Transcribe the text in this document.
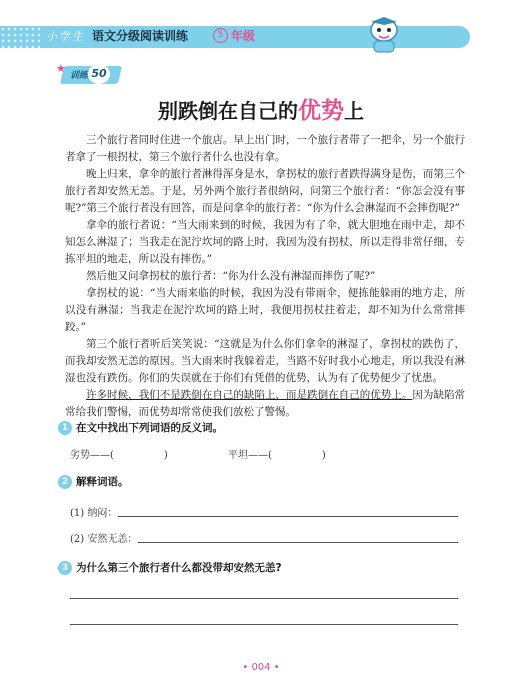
小学生 语文分级阅读训练	5 年级
★
训练 50
别跌倒在自己的优势上

三个旅行者同时住进一个旅店。早上出门时，一个旅行者带了一把伞，另一个旅行者拿了一根拐杖，第三个旅行者什么也没有拿。

晚上归来，拿伞的旅行者淋得浑身是水，拿拐杖的旅行者跌得满身是伤，而第三个旅行者却安然无恙。于是，另外两个旅行者很纳闷，问第三个旅行者：“你怎会没有事呢?”第三个旅行者没有回答，而是问拿伞的旅行者：“你为什么会淋湿而不会摔伤呢?”

拿伞的旅行者说：“当大雨来到的时候，我因为有了伞，就大胆地在雨中走，却不知怎么淋湿了；当我走在泥泞坎坷的路上时，我因为没有拐杖，所以走得非常仔细，专拣平坦的地走，所以没有摔伤。”

然后他又问拿拐杖的旅行者：“你为什么没有淋湿而摔伤了呢?”

拿拐杖的说：“当大雨来临的时候，我因为没有带雨伞，便拣能躲雨的地方走，所以没有淋湿；当我走在泥泞坎坷的路上时，我便用拐杖拄着走，却不知为什么常常摔跤。”

第三个旅行者听后笑笑说：“这就是为什么你们拿伞的淋湿了，拿拐杖的跌伤了，而我却安然无恙的原因。当大雨来时我躲着走，当路不好时我小心地走，所以我没有淋湿也没有跌伤。你们的失误就在于你们有凭借的优势，认为有了优势便少了忧患。

许多时候，我们不是跌倒在自己的缺陷上，而是跌倒在自己的优势上。因为缺陷常常给我们警惕，而优势却常常使我们放松了警惕。

1 在文中找出下列词语的反义词。
劣势——(　　　　　)	平坦——(　　　　　)
2 解释词语。
(1) 纳闷：
(2) 安然无恙：
3 为什么第三个旅行者什么都没带却安然无恙?
• 004 •
